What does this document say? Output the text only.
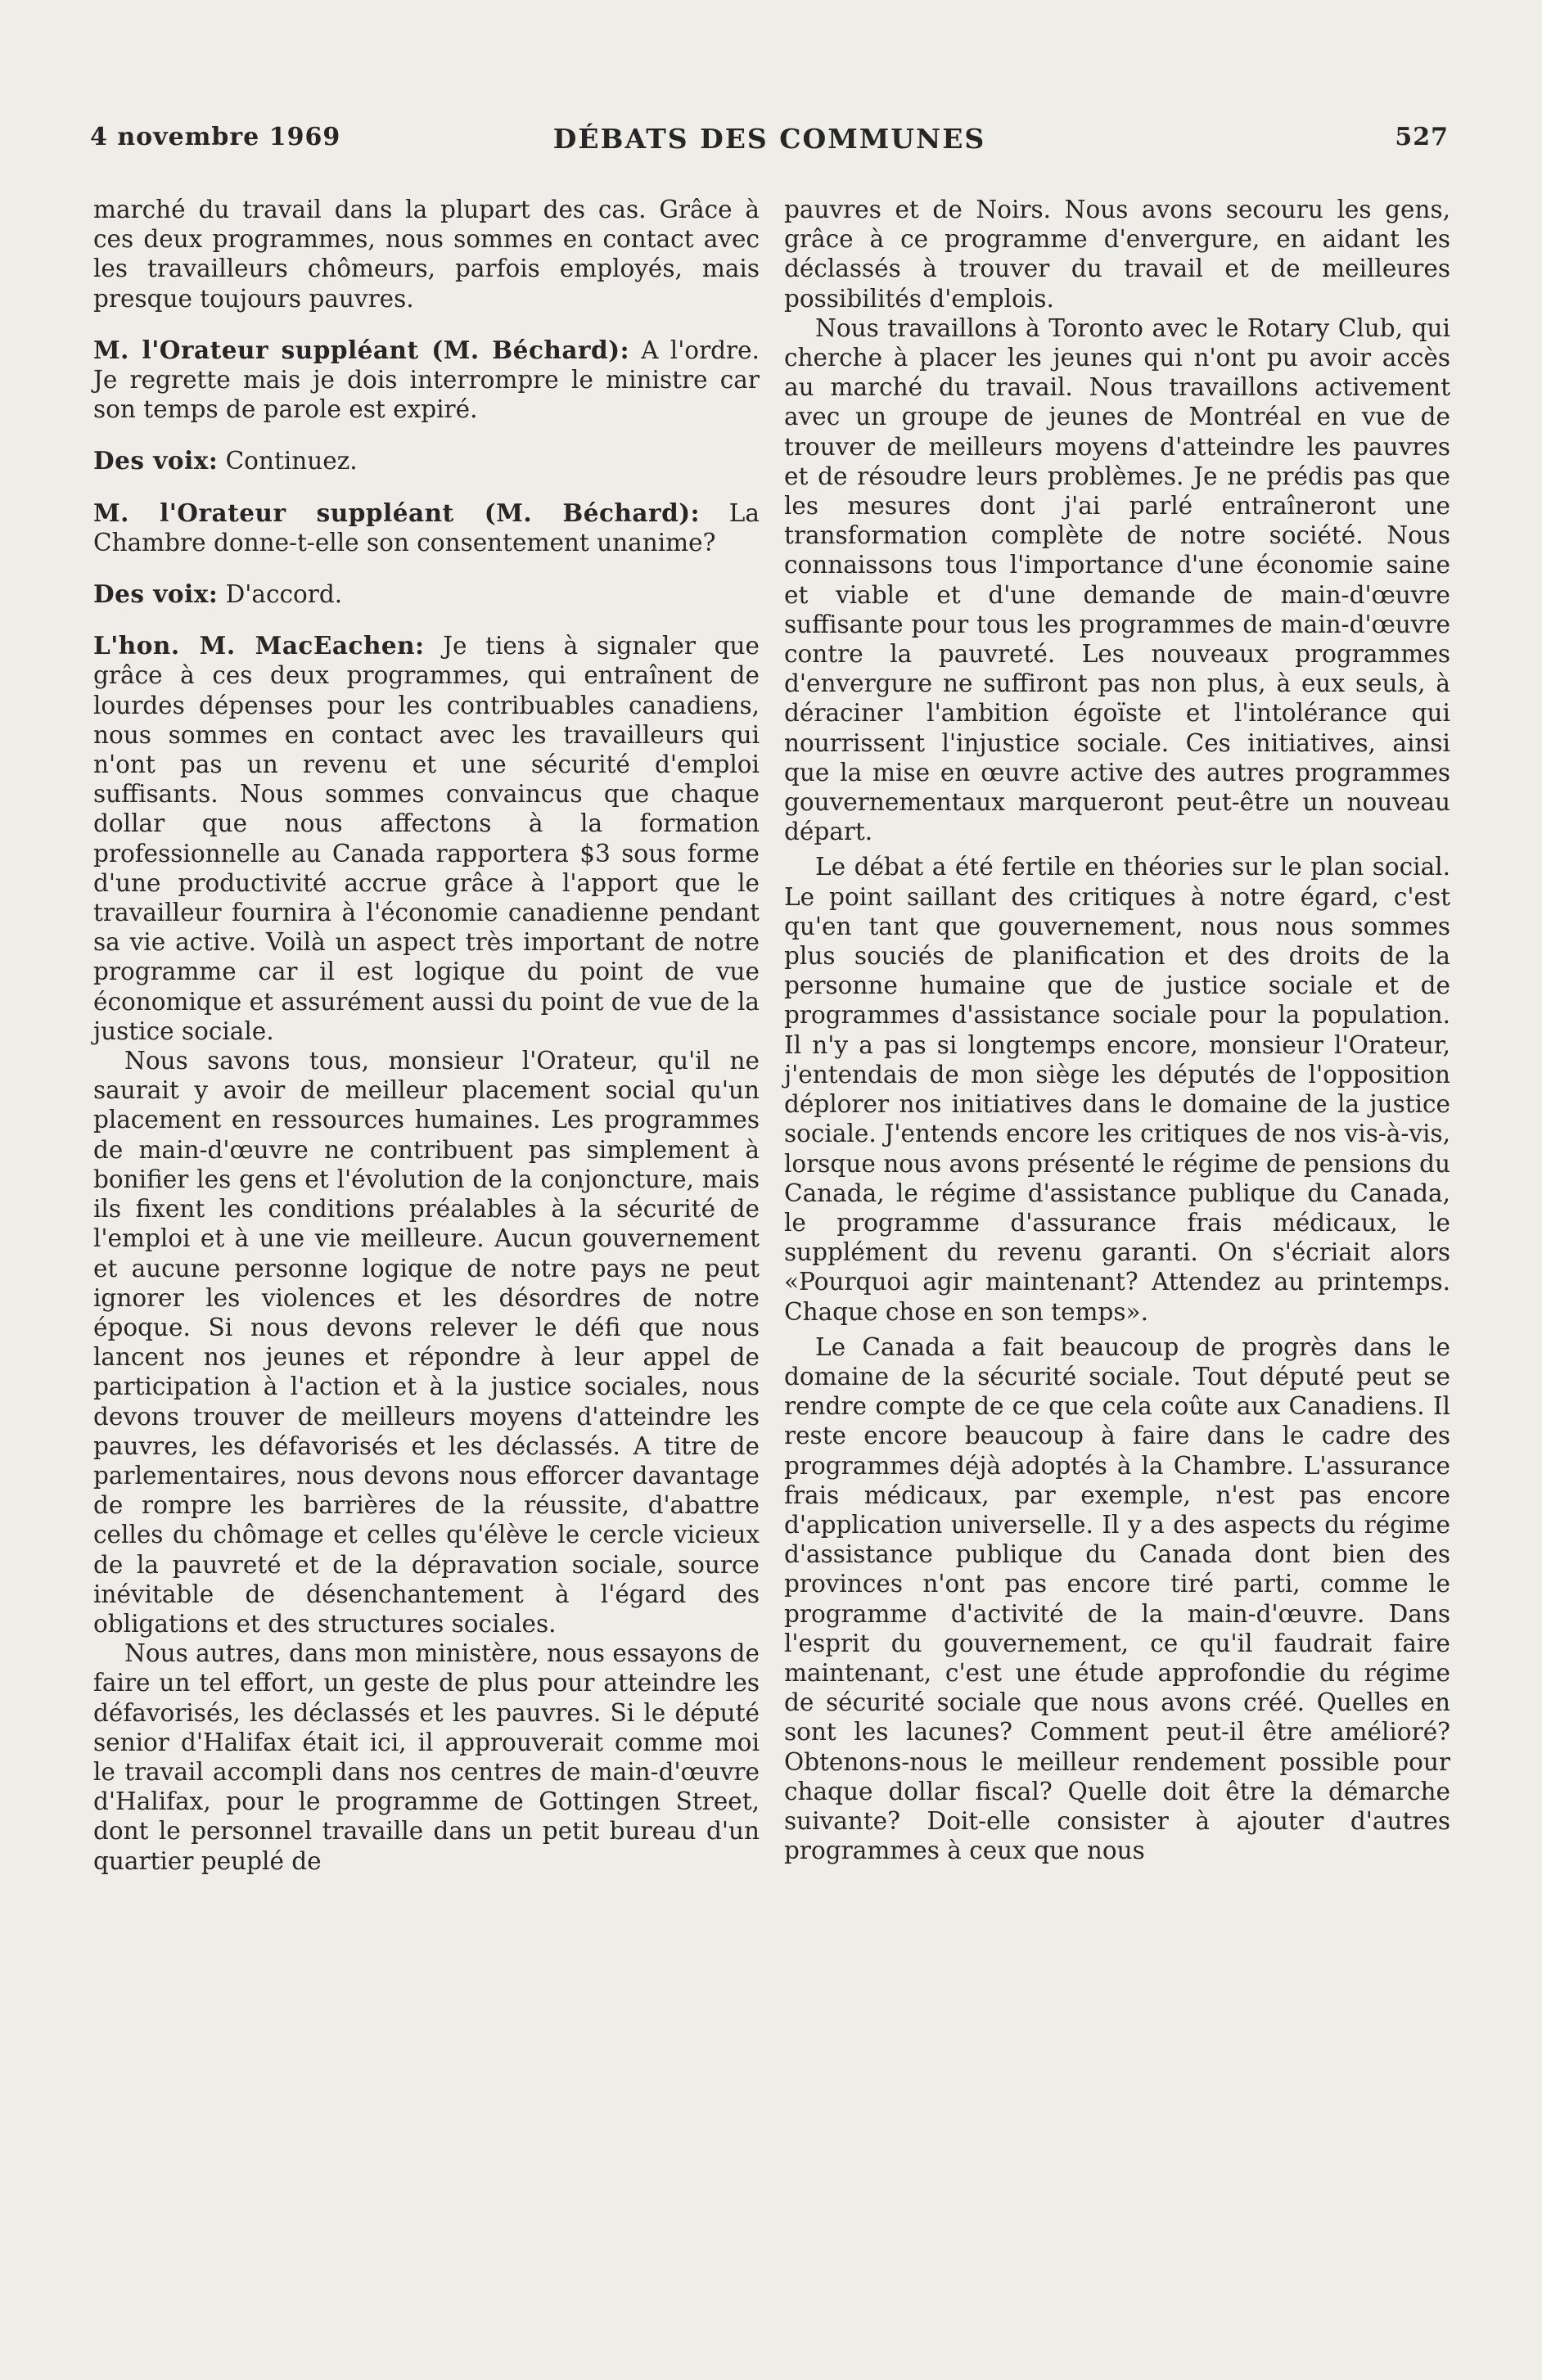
4 novembre 1969	DÉBATS DES COMMUNES	527

marché du travail dans la plupart des cas. Grâce à ces deux programmes, nous sommes en contact avec les travailleurs chômeurs, parfois employés, mais presque toujours pauvres.

M. l'Orateur suppléant (M. Béchard): A l'ordre. Je regrette mais je dois interrompre le ministre car son temps de parole est expiré.

Des voix: Continuez.

M. l'Orateur suppléant (M. Béchard): La Chambre donne-t-elle son consentement unanime?

Des voix: D'accord.

L'hon. M. MacEachen: Je tiens à signaler que grâce à ces deux programmes, qui entraînent de lourdes dépenses pour les contribuables canadiens, nous sommes en contact avec les travailleurs qui n'ont pas un revenu et une sécurité d'emploi suffisants. Nous sommes convaincus que chaque dollar que nous affectons à la formation professionnelle au Canada rapportera $3 sous forme d'une productivité accrue grâce à l'apport que le travailleur fournira à l'économie canadienne pendant sa vie active. Voilà un aspect très important de notre programme car il est logique du point de vue économique et assurément aussi du point de vue de la justice sociale.

Nous savons tous, monsieur l'Orateur, qu'il ne saurait y avoir de meilleur placement social qu'un placement en ressources humaines. Les programmes de main-d'œuvre ne contribuent pas simplement à bonifier les gens et l'évolution de la conjoncture, mais ils fixent les conditions préalables à la sécurité de l'emploi et à une vie meilleure. Aucun gouvernement et aucune personne logique de notre pays ne peut ignorer les violences et les désordres de notre époque. Si nous devons relever le défi que nous lancent nos jeunes et répondre à leur appel de participation à l'action et à la justice sociales, nous devons trouver de meilleurs moyens d'atteindre les pauvres, les défavorisés et les déclassés. A titre de parlementaires, nous devons nous efforcer davantage de rompre les barrières de la réussite, d'abattre celles du chômage et celles qu'élève le cercle vicieux de la pauvreté et de la dépravation sociale, source inévitable de désenchantement à l'égard des obligations et des structures sociales.

Nous autres, dans mon ministère, nous essayons de faire un tel effort, un geste de plus pour atteindre les défavorisés, les déclassés et les pauvres. Si le député senior d'Halifax était ici, il approuverait comme moi le travail accompli dans nos centres de main-d'œuvre d'Halifax, pour le programme de Gottingen Street, dont le personnel travaille dans un petit bureau d'un quartier peuplé de

pauvres et de Noirs. Nous avons secouru les gens, grâce à ce programme d'envergure, en aidant les déclassés à trouver du travail et de meilleures possibilités d'emplois.

Nous travaillons à Toronto avec le Rotary Club, qui cherche à placer les jeunes qui n'ont pu avoir accès au marché du travail. Nous travaillons activement avec un groupe de jeunes de Montréal en vue de trouver de meilleurs moyens d'atteindre les pauvres et de résoudre leurs problèmes. Je ne prédis pas que les mesures dont j'ai parlé entraîneront une transformation complète de notre société. Nous connaissons tous l'importance d'une économie saine et viable et d'une demande de main-d'œuvre suffisante pour tous les programmes de main-d'œuvre contre la pauvreté. Les nouveaux programmes d'envergure ne suffiront pas non plus, à eux seuls, à déraciner l'ambition égoïste et l'intolérance qui nourrissent l'injustice sociale. Ces initiatives, ainsi que la mise en œuvre active des autres programmes gouvernementaux marqueront peut-être un nouveau départ.

Le débat a été fertile en théories sur le plan social. Le point saillant des critiques à notre égard, c'est qu'en tant que gouvernement, nous nous sommes plus souciés de planification et des droits de la personne humaine que de justice sociale et de programmes d'assistance sociale pour la population. Il n'y a pas si longtemps encore, monsieur l'Orateur, j'entendais de mon siège les députés de l'opposition déplorer nos initiatives dans le domaine de la justice sociale. J'entends encore les critiques de nos vis-à-vis, lorsque nous avons présenté le régime de pensions du Canada, le régime d'assistance publique du Canada, le programme d'assurance frais médicaux, le supplément du revenu garanti. On s'écriait alors «Pourquoi agir maintenant? Attendez au printemps. Chaque chose en son temps».

Le Canada a fait beaucoup de progrès dans le domaine de la sécurité sociale. Tout député peut se rendre compte de ce que cela coûte aux Canadiens. Il reste encore beaucoup à faire dans le cadre des programmes déjà adoptés à la Chambre. L'assurance frais médicaux, par exemple, n'est pas encore d'application universelle. Il y a des aspects du régime d'assistance publique du Canada dont bien des provinces n'ont pas encore tiré parti, comme le programme d'activité de la main-d'œuvre. Dans l'esprit du gouvernement, ce qu'il faudrait faire maintenant, c'est une étude approfondie du régime de sécurité sociale que nous avons créé. Quelles en sont les lacunes? Comment peut-il être amélioré? Obtenons-nous le meilleur rendement possible pour chaque dollar fiscal? Quelle doit être la démarche suivante? Doit-elle consister à ajouter d'autres programmes à ceux que nous
